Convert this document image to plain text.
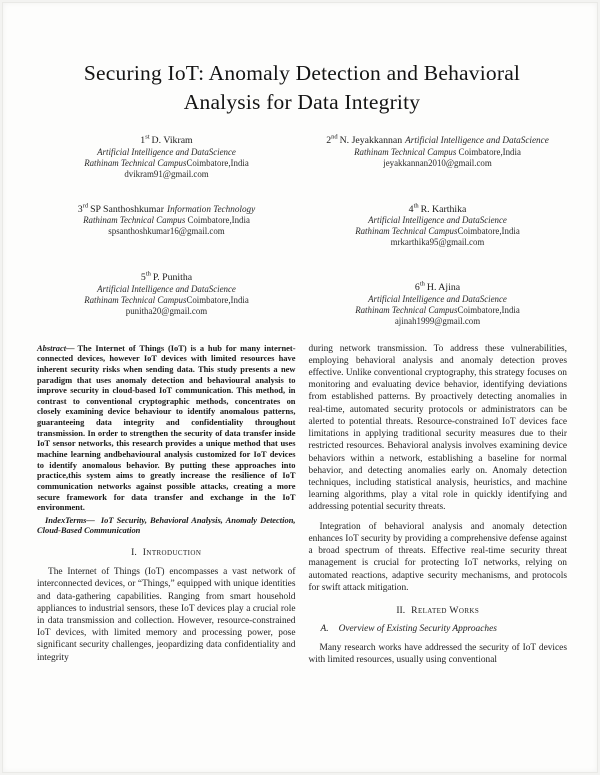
Securing IoT: Anomaly Detection and Behavioral Analysis for Data Integrity
1st D. Vikram
Artificial Intelligence and DataScience
Rathinam Technical CampusCoimbatore,India
dvikram91@gmail.com
2nd N. Jeyakkannan Artificial Intelligence and DataScience
Rathinam Technical Campus Coimbatore,India
jeyakkannan2010@gmail.com
3rd SP Santhoshkumar Information Technology
Rathinam Technical Campus Coimbatore,India
spsanthoshkumar16@gmail.com
4th R. Karthika
Artificial Intelligence and DataScience
Rathinam Technical CampusCoimbatore,India
mrkarthika95@gmail.com
5th P. Punitha
Artificial Intelligence and DataScience
Rathinam Technical CampusCoimbatore,India
punitha20@gmail.com
6th H. Ajina
Artificial Intelligence and DataScience
Rathinam Technical CampusCoimbatore,India
ajinah1999@gmail.com

Abstract— The Internet of Things (IoT) is a hub for many internet-connected devices, however IoT devices with limited resources have inherent security risks when sending data. This study presents a new paradigm that uses anomaly detection and behavioural analysis to improve security in cloud-based IoT communication. This method, in contrast to conventional cryptographic methods, concentrates on closely examining device behaviour to identify anomalous patterns, guaranteeing data integrity and confidentiality throughout transmission. In order to strengthen the security of data transfer inside IoT sensor networks, this research provides a unique method that uses machine learning andbehavioural analysis customized for IoT devices to identify anomalous behavior. By putting these approaches into practice,this system aims to greatly increase the resilience of IoT communication networks against possible attacks, creating a more secure framework for data transfer and exchange in the IoT environment.

IndexTerms— IoT Security, Behavioral Analysis, Anomaly Detection, Cloud-Based Communication

I. Introduction

The Internet of Things (IoT) encompasses a vast network of interconnected devices, or “Things,” equipped with unique identities and data-gathering capabilities. Ranging from smart household appliances to industrial sensors, these IoT devices play a crucial role in data transmission and collection. However, resource-constrained IoT devices, with limited memory and processing power, pose significant security challenges, jeopardizing data confidentiality and integrity

during network transmission. To address these vulnerabilities, employing behavioral analysis and anomaly detection proves effective. Unlike conventional cryptography, this strategy focuses on monitoring and evaluating device behavior, identifying deviations from established patterns. By proactively detecting anomalies in real-time, automated security protocols or administrators can be alerted to potential threats. Resource-constrained IoT devices face limitations in applying traditional security measures due to their restricted resources. Behavioral analysis involves examining device behaviors within a network, establishing a baseline for normal behavior, and detecting anomalies early on. Anomaly detection techniques, including statistical analysis, heuristics, and machine learning algorithms, play a vital role in quickly identifying and addressing potential security threats.

Integration of behavioral analysis and anomaly detection enhances IoT security by providing a comprehensive defense against a broad spectrum of threats. Effective real-time security threat management is crucial for protecting IoT networks, relying on automated reactions, adaptive security mechanisms, and protocols for swift attack mitigation.

II. Related Works
A. Overview of Existing Security Approaches

Many research works have addressed the security of IoT devices with limited resources, usually using conventional
